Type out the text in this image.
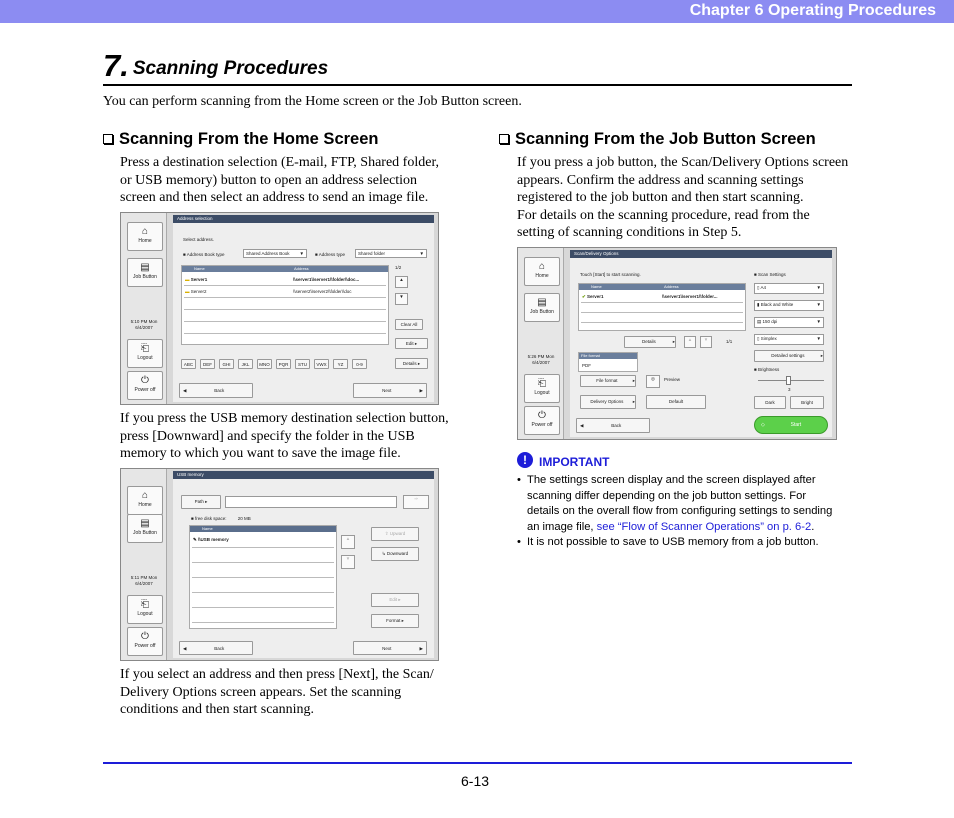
Chapter 6 Operating Procedures
7. Scanning Procedures
You can perform scanning from the Home screen or the Job Button screen.
Scanning From the Home Screen
Press a destination selection (E-mail, FTP, Shared folder,
or USB memory) button to open an address selection
screen and then select an address to send an image file.
⌂
Home
▤
Job Button
5:10 PM Mon
6/4/2007
⎗
Logout
⏻
Power off
Address selection
Select address.
■ Address Book type	Shared Address Book ▼ ■ Address type	Shared folder	▼
Name	Address
▬ Server1	\\server1\\server1\\folder\\doc...
▬ Server2	\\server2\\server2\\folder\\doc
1/2
▲
▼
Clear All
Edit ▸
Details ▸
ABC	DEF	GHI	JKL	MNO	PQR	STU	VWX	YZ	0-9
◀	Back	Next	▶
If you press the USB memory destination selection button,
press [Downward] and specify the folder in the USB
memory to which you want to save the image file.
⌂
Home
▤
Job Button
5:11 PM Mon
6/4/2007
⎗
Logout
⏻
Power off
USB memory
Path ▸
⇒
■ free disk space:	20 MB
Name
✎ \\USB memory	▲
▼
⇧ Upward
↳ Downward
Edit ▸
Format ▸
◀	Back	Next	▶
If you select an address and then press [Next], the Scan/
Delivery Options screen appears. Set the scanning
conditions and then start scanning.
Scanning From the Job Button Screen
If you press a job button, the Scan/Delivery Options screen
appears. Confirm the address and scanning settings
registered to the job button and then start scanning.
For details on the scanning procedure, read from the
setting of scanning conditions in Step 5.
⌂
Home
▤
Job Button
5:26 PM Mon
6/4/2007
⎗
Logout
⏻
Power off
Scan/Delivery Options
Touch [Start] to start scanning.
Name	Address
✔ Server1	\\server1\\server1\\folder...
Details	▸	▲	▼	1/1
File format
PDF
File format	▸	◎	Preview
Delivery Options ▸	Default
■ Scan Settings
▯ A4	▼
▮ Black and White	▼
▤ 150 dpi	▼
▯ Simplex	▼
Detailed settings	▸
■ Brightness
3
Dark	Bright
◀	Back	◇	Start
! IMPORTANT
• The settings screen display and the screen displayed after
scanning differ depending on the job button settings. For
details on the overall flow from configuring settings to sending
an image file, see “Flow of Scanner Operations” on p. 6-2.
• It is not possible to save to USB memory from a job button.
6-13
